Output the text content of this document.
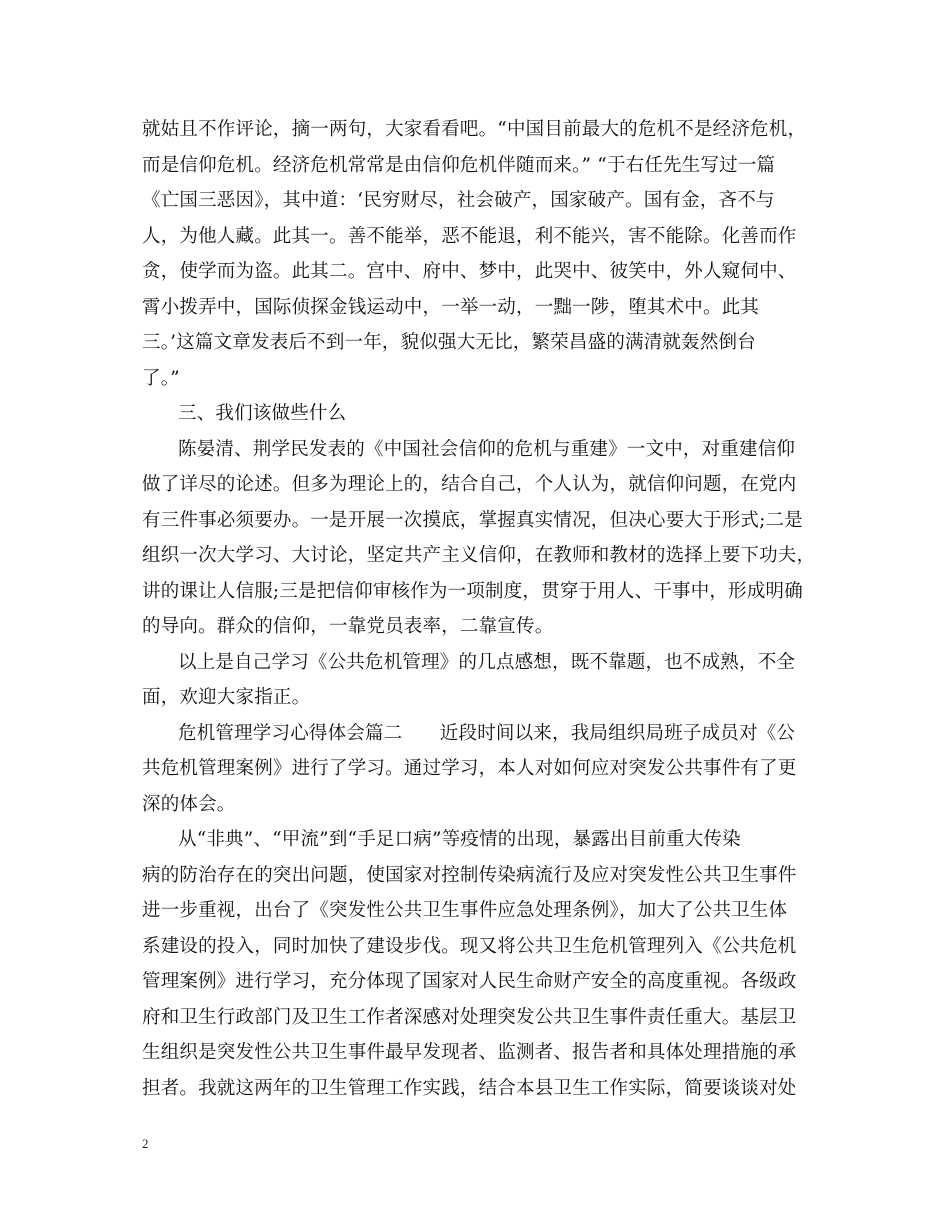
就姑且不作评论，摘一两句，大家看看吧。“中国目前最大的危机不是经济危机，
而是信仰危机。经济危机常常是由信仰危机伴随而来。” “于右任先生写过一篇
《亡国三恶因》，其中道：‘民穷财尽，社会破产，国家破产。国有金，吝不与
人，为他人藏。此其一。善不能举，恶不能退，利不能兴，害不能除。化善而作
贪，使学而为盗。此其二。宫中、府中、梦中，此哭中、彼笑中，外人窥伺中、
霄小拨弄中，国际侦探金钱运动中，一举一动，一黜一陟，堕其术中。此其
三。’这篇文章发表后不到一年，貌似强大无比，繁荣昌盛的满清就轰然倒台
了。”
三、我们该做些什么
陈晏清、荆学民发表的《中国社会信仰的危机与重建》一文中，对重建信仰
做了详尽的论述。但多为理论上的，结合自己，个人认为，就信仰问题，在党内
有三件事必须要办。一是开展一次摸底，掌握真实情况，但决心要大于形式;二是
组织一次大学习、大讨论，坚定共产主义信仰，在教师和教材的选择上要下功夫，
讲的课让人信服;三是把信仰审核作为一项制度，贯穿于用人、干事中，形成明确
的导向。群众的信仰，一靠党员表率，二靠宣传。
以上是自己学习《公共危机管理》的几点感想，既不靠题，也不成熟，不全
面，欢迎大家指正。
危机管理学习心得体会篇二　　近段时间以来，我局组织局班子成员对《公
共危机管理案例》进行了学习。通过学习，本人对如何应对突发公共事件有了更
深的体会。
从“非典”、“甲流”到“手足口病”等疫情的出现，暴露出目前重大传染
病的防治存在的突出问题，使国家对控制传染病流行及应对突发性公共卫生事件
进一步重视，出台了《突发性公共卫生事件应急处理条例》，加大了公共卫生体
系建设的投入，同时加快了建设步伐。现又将公共卫生危机管理列入《公共危机
管理案例》进行学习，充分体现了国家对人民生命财产安全的高度重视。各级政
府和卫生行政部门及卫生工作者深感对处理突发公共卫生事件责任重大。基层卫
生组织是突发性公共卫生事件最早发现者、监测者、报告者和具体处理措施的承
担者。我就这两年的卫生管理工作实践，结合本县卫生工作实际，简要谈谈对处
2
